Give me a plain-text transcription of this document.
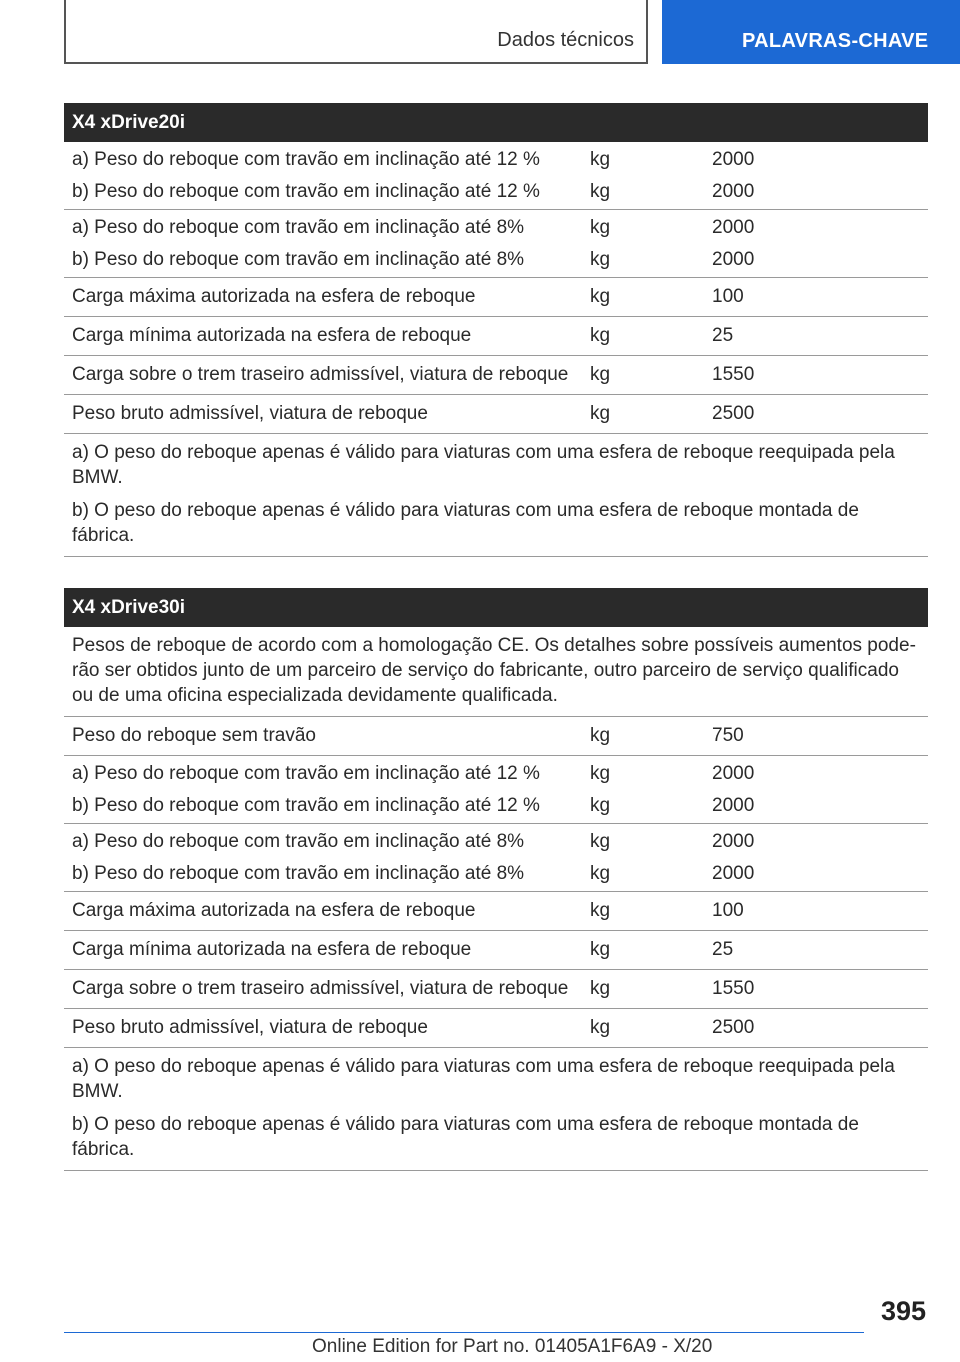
Dados técnicos	PALAVRAS-CHAVE
X4 xDrive20i
a) Peso do reboque com travão em inclinação até 12 %	kg	2000
b) Peso do reboque com travão em inclinação até 12 %	kg	2000
a) Peso do reboque com travão em inclinação até 8%	kg	2000
b) Peso do reboque com travão em inclinação até 8%	kg	2000
Carga máxima autorizada na esfera de reboque	kg	100
Carga mínima autorizada na esfera de reboque	kg	25
Carga sobre o trem traseiro admissível, viatura de reboque	kg	1550
Peso bruto admissível, viatura de reboque	kg	2500

a) O peso do reboque apenas é válido para viaturas com uma esfera de reboque reequipada pela BMW.

b) O peso do reboque apenas é válido para viaturas com uma esfera de reboque montada de fábrica.

X4 xDrive30i
Pesos de reboque de acordo com a homologação CE. Os detalhes sobre possíveis aumentos pode-rão ser obtidos junto de um parceiro de serviço do fabricante, outro parceiro de serviço qualificado ou de uma oficina especializada devidamente qualificada.
Peso do reboque sem travão	kg	750
a) Peso do reboque com travão em inclinação até 12 %	kg	2000
b) Peso do reboque com travão em inclinação até 12 %	kg	2000
a) Peso do reboque com travão em inclinação até 8%	kg	2000
b) Peso do reboque com travão em inclinação até 8%	kg	2000
Carga máxima autorizada na esfera de reboque	kg	100
Carga mínima autorizada na esfera de reboque	kg	25
Carga sobre o trem traseiro admissível, viatura de reboque	kg	1550
Peso bruto admissível, viatura de reboque	kg	2500

a) O peso do reboque apenas é válido para viaturas com uma esfera de reboque reequipada pela BMW.

b) O peso do reboque apenas é válido para viaturas com uma esfera de reboque montada de fábrica.

395
Online Edition for Part no. 01405A1F6A9 - X/20
